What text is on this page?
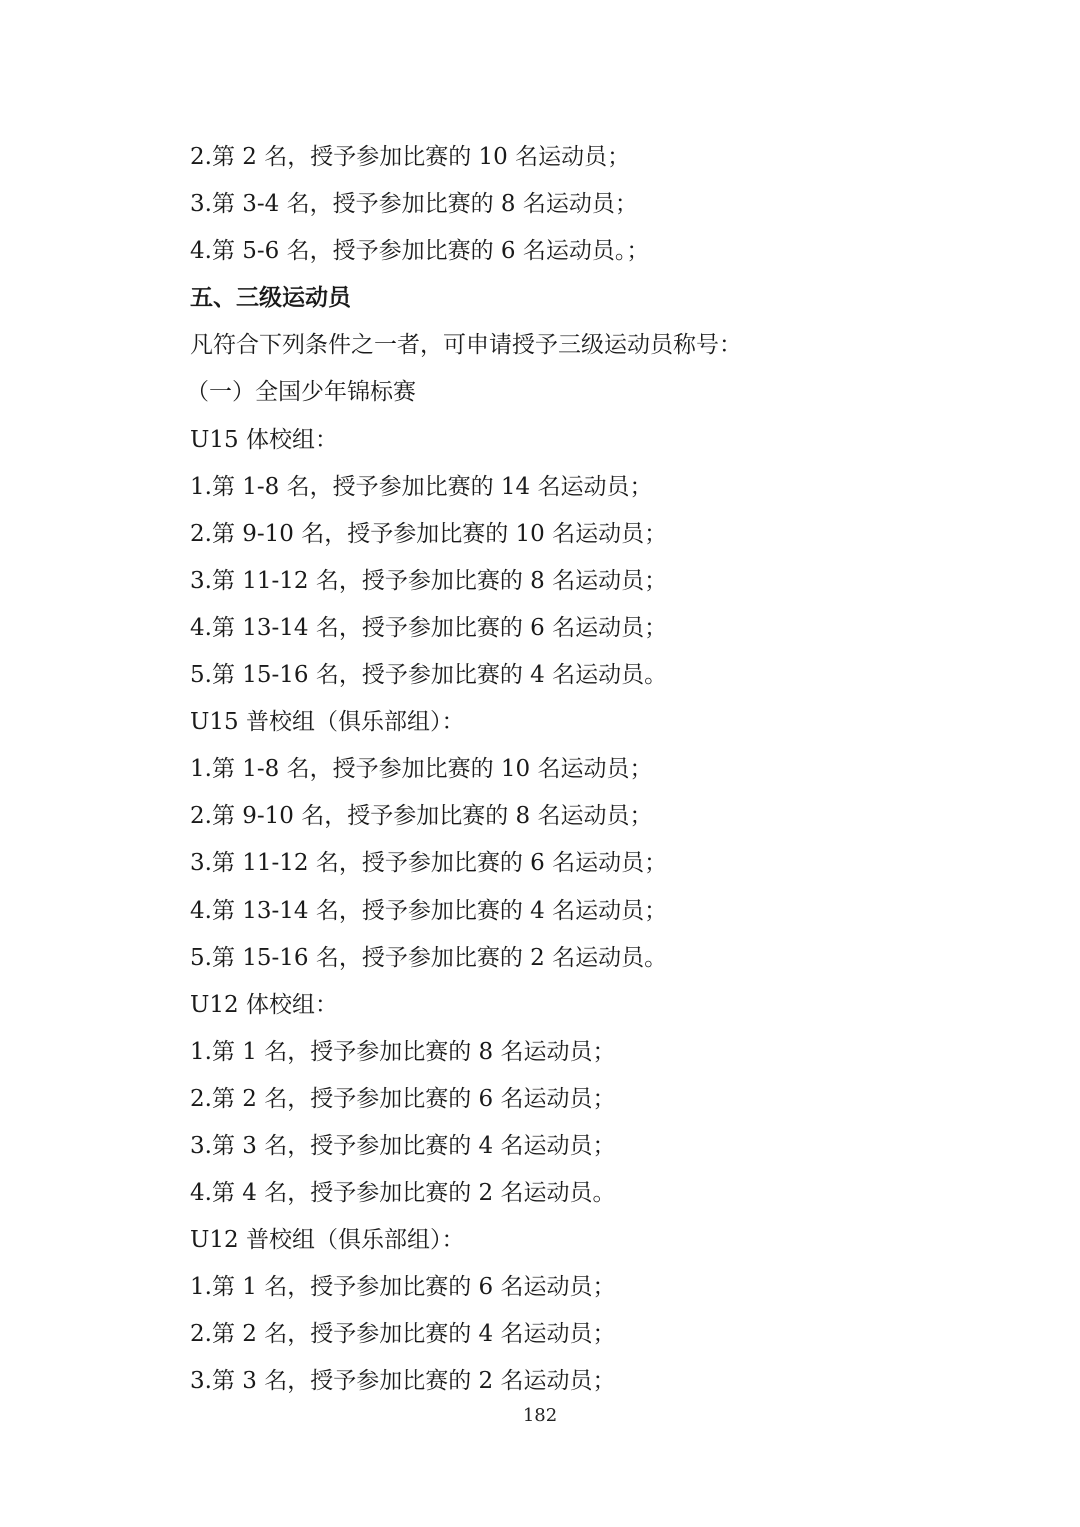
2.第 2 名，授予参加比赛的 10 名运动员；
3.第 3-4 名，授予参加比赛的 8 名运动员；
4.第 5-6 名，授予参加比赛的 6 名运动员。；
五、三级运动员
凡符合下列条件之一者，可申请授予三级运动员称号：
（一）全国少年锦标赛
U15 体校组：
1.第 1-8 名，授予参加比赛的 14 名运动员；
2.第 9-10 名，授予参加比赛的 10 名运动员；
3.第 11-12 名，授予参加比赛的 8 名运动员；
4.第 13-14 名，授予参加比赛的 6 名运动员；
5.第 15-16 名，授予参加比赛的 4 名运动员。
U15 普校组（俱乐部组）：
1.第 1-8 名，授予参加比赛的 10 名运动员；
2.第 9-10 名，授予参加比赛的 8 名运动员；
3.第 11-12 名，授予参加比赛的 6 名运动员；
4.第 13-14 名，授予参加比赛的 4 名运动员；
5.第 15-16 名，授予参加比赛的 2 名运动员。
U12 体校组：
1.第 1 名，授予参加比赛的 8 名运动员；
2.第 2 名，授予参加比赛的 6 名运动员；
3.第 3 名，授予参加比赛的 4 名运动员；
4.第 4 名，授予参加比赛的 2 名运动员。
U12 普校组（俱乐部组）：
1.第 1 名，授予参加比赛的 6 名运动员；
2.第 2 名，授予参加比赛的 4 名运动员；
3.第 3 名，授予参加比赛的 2 名运动员；
182
